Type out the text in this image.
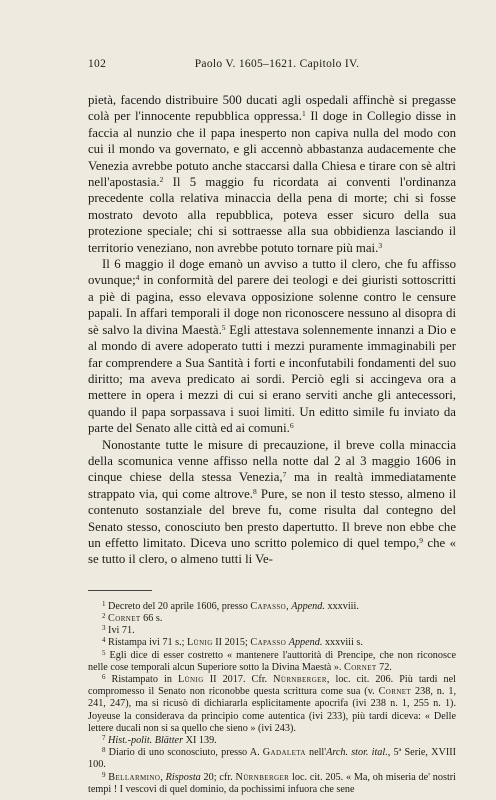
102	Paolo V. 1605–1621. Capitolo IV.

pietà, facendo distribuire 500 ducati agli ospedali affinchè si pregasse colà per l'innocente repubblica oppressa.$^1$ Il doge in Collegio disse in faccia al nunzio che il papa inesperto non capiva nulla del modo con cui il mondo va governato, e gli accennò abbastanza audacemente che Venezia avrebbe potuto anche staccarsi dalla Chiesa e tirare con sè altri nell'apostasia.$^2$ Il 5 maggio fu ricordata ai conventi l'ordinanza precedente colla relativa minaccia della pena di morte; chi si fosse mostrato devoto alla repubblica, poteva esser sicuro della sua protezione speciale; chi si sottraesse alla sua obbidienza lasciando il territorio veneziano, non avrebbe potuto tornare più mai.$^3$

Il 6 maggio il doge emanò un avviso a tutto il clero, che fu affisso ovunque;$^4$ in conformità del parere dei teologi e dei giuristi sottoscritti a piè di pagina, esso elevava opposizione solenne contro le censure papali. In affari temporali il doge non riconoscere nessuno al disopra di sè salvo la divina Maestà.$^5$ Egli attestava solennemente innanzi a Dio e al mondo di avere adoperato tutti i mezzi puramente immaginabili per far comprendere a Sua Santità i forti e inconfutabili fondamenti del suo diritto; ma aveva predicato ai sordi. Perciò egli si accingeva ora a mettere in opera i mezzi di cui si erano serviti anche gli antecessori, quando il papa sorpassava i suoi limiti. Un editto simile fu inviato da parte del Senato alle città ed ai comuni.$^6$

Nonostante tutte le misure di precauzione, il breve colla minaccia della scomunica venne affisso nella notte dal 2 al 3 maggio 1606 in cinque chiese della stessa Venezia,$^7$ ma in realtà immediatamente strappato via, qui come altrove.$^8$ Pure, se non il testo stesso, almeno il contenuto sostanziale del breve fu, come risulta dal contegno del Senato stesso, conosciuto ben presto dapertutto. Il breve non ebbe che un effetto limitato. Diceva uno scritto polemico di quel tempo,$^9$ che « se tutto il clero, o almeno tutti li Ve-

$^1$ Decreto del 20 aprile 1606, presso Capasso, Append. xxxviii.

$^2$ Cornet 66 s.

$^3$ Ivi 71.

$^4$ Ristampa ivi 71 s.; Lünig II 2015; Capasso Append. xxxviii s.

$^5$ Egli dice di esser costretto « mantenere l'auttorità di Prencipe, che non riconosce nelle cose temporali alcun Superiore sotto la Divina Maestà ». Cornet 72.

$^6$ Ristampato in Lünig II 2017. Cfr. Nürnberger, loc. cit. 206. Più tardi nel compromesso il Senato non riconobbe questa scrittura come sua (v. Cornet 238, n. 1, 241, 247), ma si ricusò di dichiararla esplicitamente apocrifa (ivi 238 n. 1, 255 n. 1). Joyeuse la considerava da principio come autentica (ivi 233), più tardi diceva: « Delle lettere ducali non si sa quello che sieno » (ivi 243).

$^7$ Hist.-polit. Blätter XI 139.

$^8$ Diario di uno sconosciuto, presso A. Gadaleta nell'Arch. stor. ital., 5ª Serie, XVIII 100.

$^9$ Bellarmino, Risposta 20; cfr. Nürnberger loc. cit. 205. « Ma, oh miseria de' nostri tempi ! I vescovi di quel dominio, da pochissimi infuora che sene
